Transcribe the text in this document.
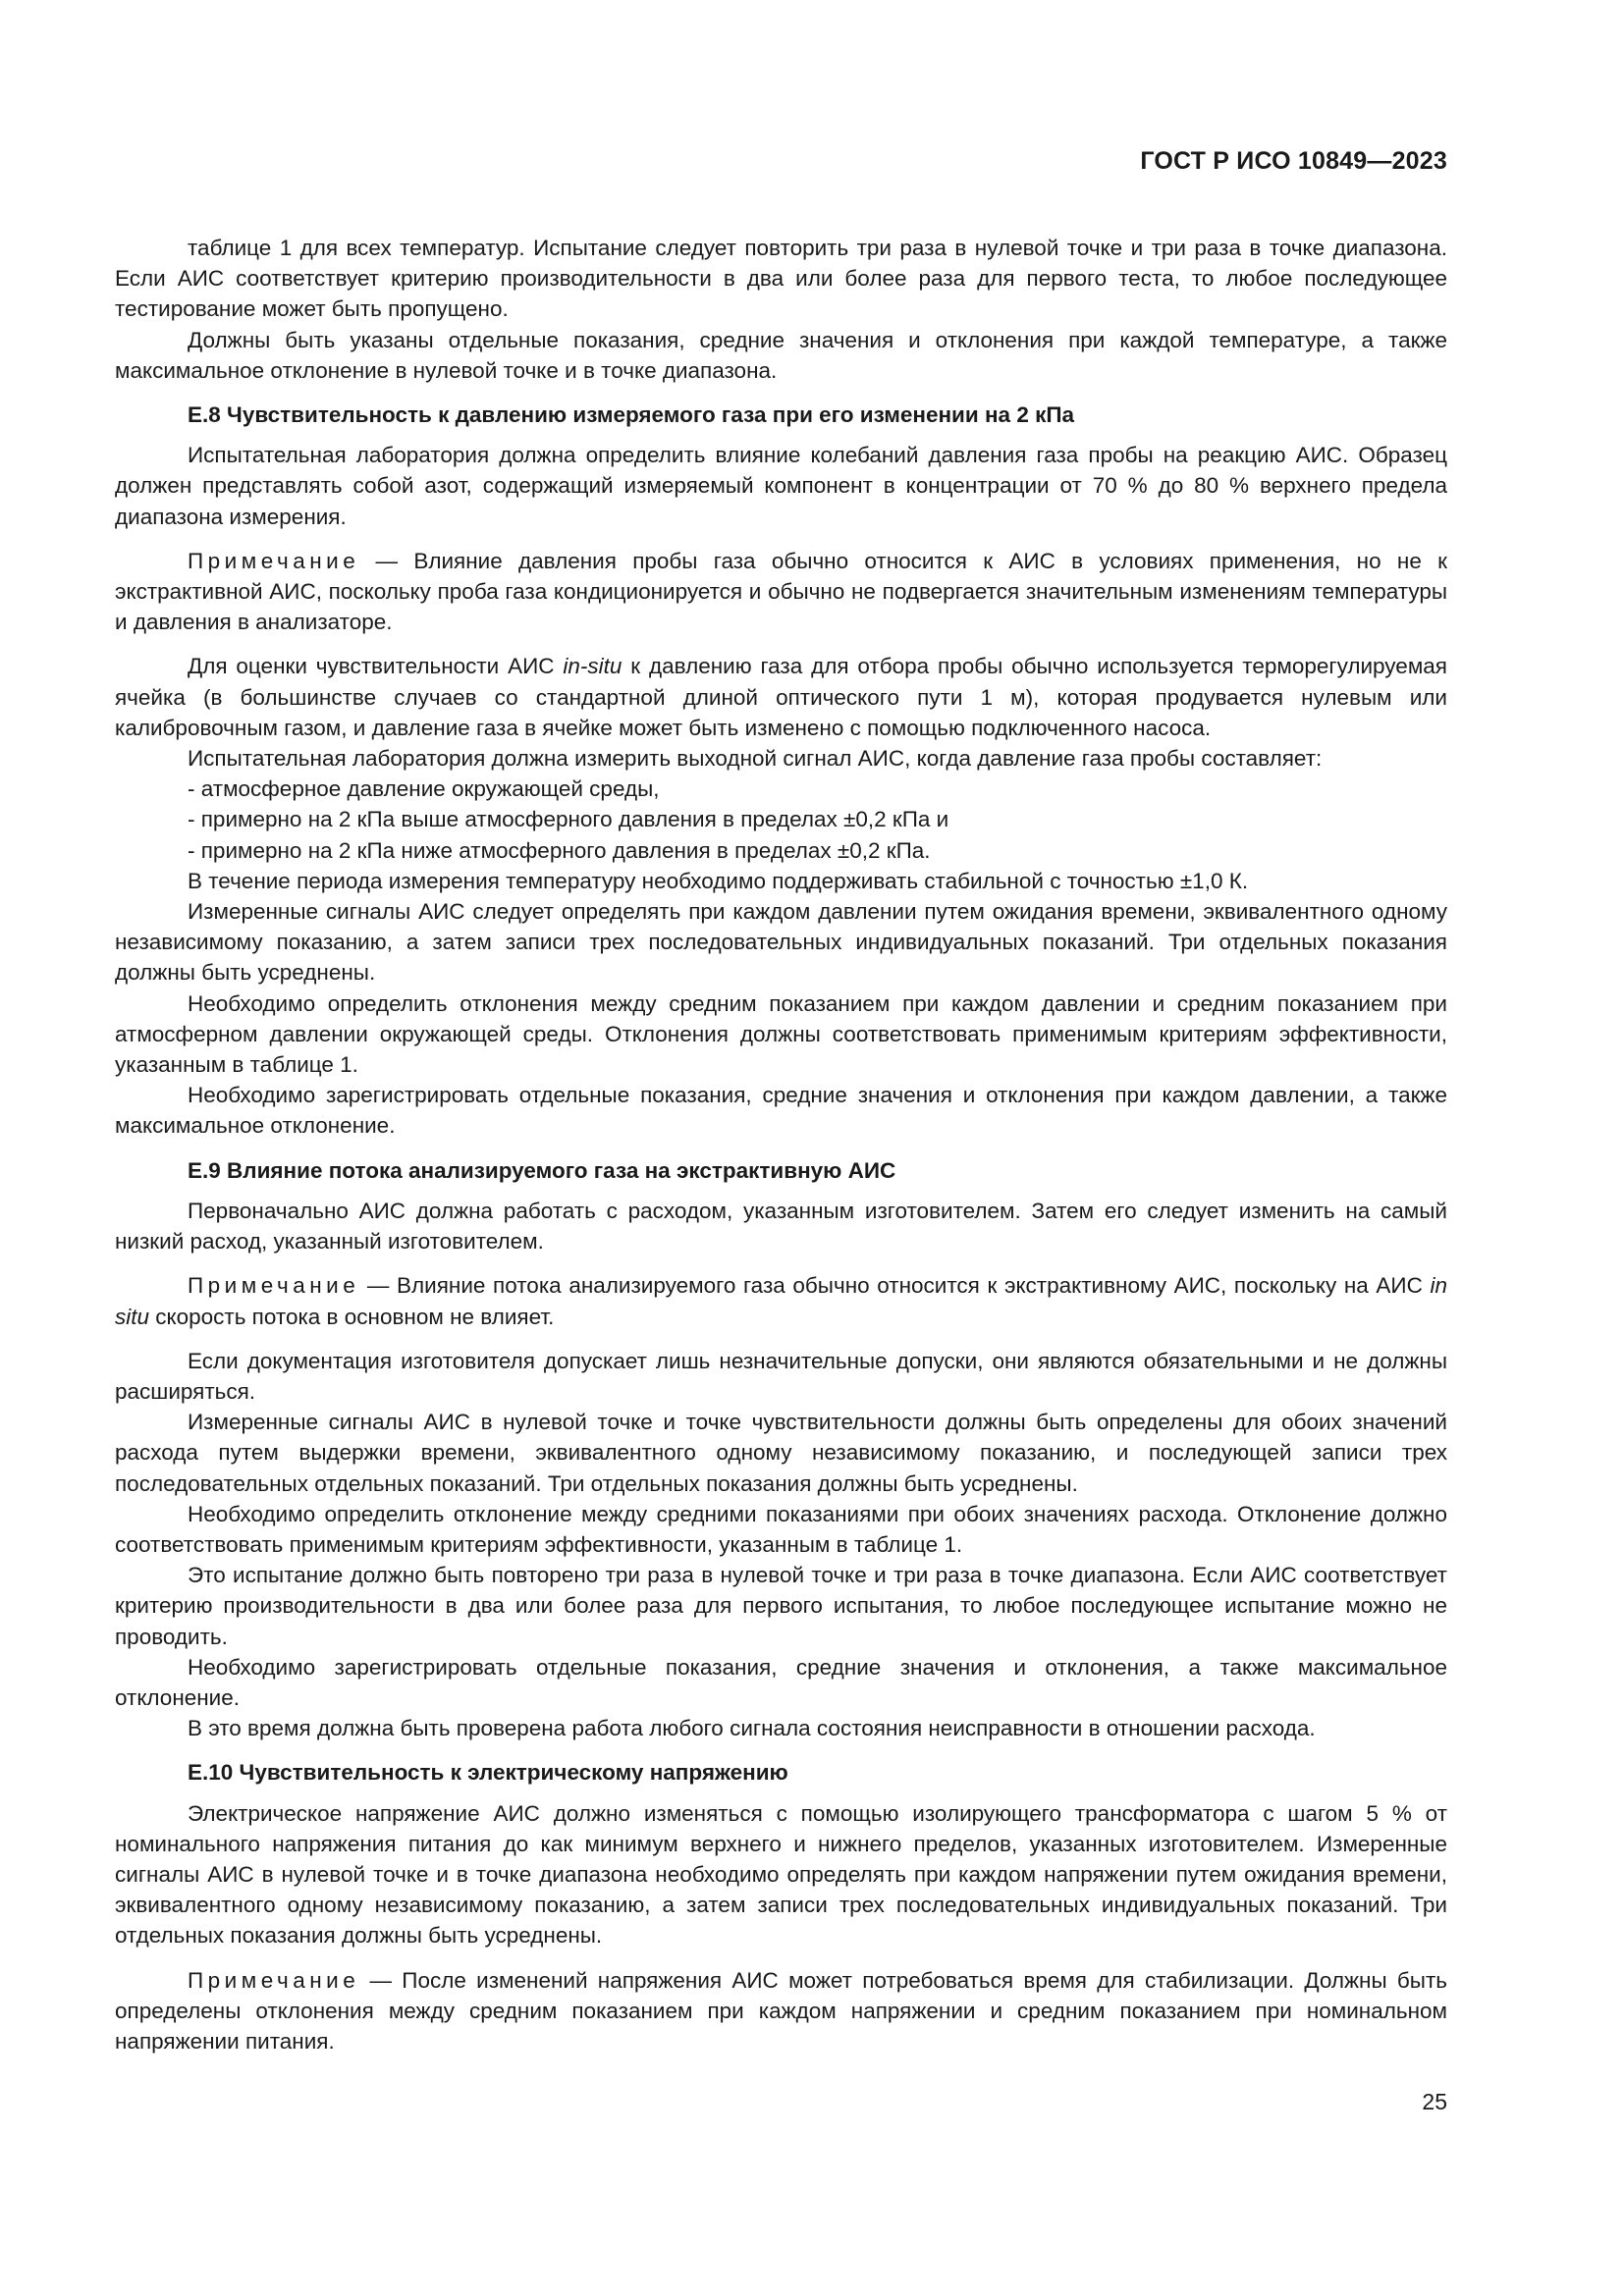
ГОСТ Р ИСО 10849—2023

таблице 1 для всех температур. Испытание следует повторить три раза в нулевой точке и три раза в точке диапазона. Если АИС соответствует критерию производительности в два или более раза для первого теста, то любое последующее тестирование может быть пропущено.

Должны быть указаны отдельные показания, средние значения и отклонения при каждой температуре, а также максимальное отклонение в нулевой точке и в точке диапазона.

Е.8 Чувствительность к давлению измеряемого газа при его изменении на 2 кПа

Испытательная лаборатория должна определить влияние колебаний давления газа пробы на реакцию АИС. Образец должен представлять собой азот, содержащий измеряемый компонент в концентрации от 70 % до 80 % верхнего предела диапазона измерения.

Примечание — Влияние давления пробы газа обычно относится к АИС в условиях применения, но не к экстрактивной АИС, поскольку проба газа кондиционируется и обычно не подвергается значительным изменениям температуры и давления в анализаторе.

Для оценки чувствительности АИС in-situ к давлению газа для отбора пробы обычно используется терморегулируемая ячейка (в большинстве случаев со стандартной длиной оптического пути 1 м), которая продувается нулевым или калибровочным газом, и давление газа в ячейке может быть изменено с помощью подключенного насоса.

Испытательная лаборатория должна измерить выходной сигнал АИС, когда давление газа пробы составляет:

- атмосферное давление окружающей среды,

- примерно на 2 кПа выше атмосферного давления в пределах ±0,2 кПа и

- примерно на 2 кПа ниже атмосферного давления в пределах ±0,2 кПа.

В течение периода измерения температуру необходимо поддерживать стабильной с точностью ±1,0 К.

Измеренные сигналы АИС следует определять при каждом давлении путем ожидания времени, эквивалентного одному независимому показанию, а затем записи трех последовательных индивидуальных показаний. Три отдельных показания должны быть усреднены.

Необходимо определить отклонения между средним показанием при каждом давлении и средним показанием при атмосферном давлении окружающей среды. Отклонения должны соответствовать применимым критериям эффективности, указанным в таблице 1.

Необходимо зарегистрировать отдельные показания, средние значения и отклонения при каждом давлении, а также максимальное отклонение.

Е.9 Влияние потока анализируемого газа на экстрактивную АИС

Первоначально АИС должна работать с расходом, указанным изготовителем. Затем его следует изменить на самый низкий расход, указанный изготовителем.

Примечание — Влияние потока анализируемого газа обычно относится к экстрактивному АИС, поскольку на АИС in situ скорость потока в основном не влияет.

Если документация изготовителя допускает лишь незначительные допуски, они являются обязательными и не должны расширяться.

Измеренные сигналы АИС в нулевой точке и точке чувствительности должны быть определены для обоих значений расхода путем выдержки времени, эквивалентного одному независимому показанию, и последующей записи трех последовательных отдельных показаний. Три отдельных показания должны быть усреднены.

Необходимо определить отклонение между средними показаниями при обоих значениях расхода. Отклонение должно соответствовать применимым критериям эффективности, указанным в таблице 1.

Это испытание должно быть повторено три раза в нулевой точке и три раза в точке диапазона. Если АИС соответствует критерию производительности в два или более раза для первого испытания, то любое последующее испытание можно не проводить.

Необходимо зарегистрировать отдельные показания, средние значения и отклонения, а также максимальное отклонение.

В это время должна быть проверена работа любого сигнала состояния неисправности в отношении расхода.

Е.10 Чувствительность к электрическому напряжению

Электрическое напряжение АИС должно изменяться с помощью изолирующего трансформатора с шагом 5 % от номинального напряжения питания до как минимум верхнего и нижнего пределов, указанных изготовителем. Измеренные сигналы АИС в нулевой точке и в точке диапазона необходимо определять при каждом напряжении путем ожидания времени, эквивалентного одному независимому показанию, а затем записи трех последовательных индивидуальных показаний. Три отдельных показания должны быть усреднены.

Примечание — После изменений напряжения АИС может потребоваться время для стабилизации. Должны быть определены отклонения между средним показанием при каждом напряжении и средним показанием при номинальном напряжении питания.

25
